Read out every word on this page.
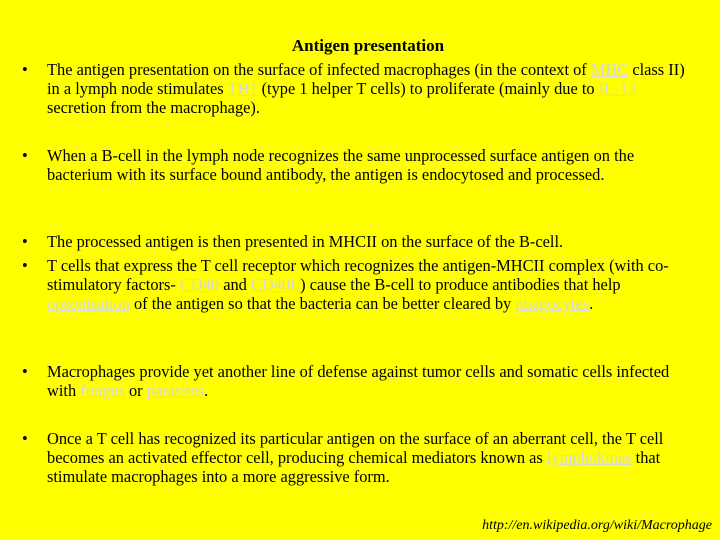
Antigen presentation
• The antigen presentation on the surface of infected macrophages (in the context of MHC class II) in a lymph node stimulates TH1 (type 1 helper T cells) to proliferate (mainly due to IL-12 secretion from the macrophage).
• When a B-cell in the lymph node recognizes the same unprocessed surface antigen on the bacterium with its surface bound antibody, the antigen is endocytosed and processed.
• The processed antigen is then presented in MHCII on the surface of the B-cell.
• T cells that express the T cell receptor which recognizes the antigen-MHCII complex (with co-stimulatory factors- CD40 and CD40L) cause the B-cell to produce antibodies that help opsonisation of the antigen so that the bacteria can be better cleared by phagocytes.
• Macrophages provide yet another line of defense against tumor cells and somatic cells infected with fungus or parasites.
• Once a T cell has recognized its particular antigen on the surface of an aberrant cell, the T cell becomes an activated effector cell, producing chemical mediators known as lymphokines that stimulate macrophages into a more aggressive form.
http://en.wikipedia.org/wiki/Macrophage
